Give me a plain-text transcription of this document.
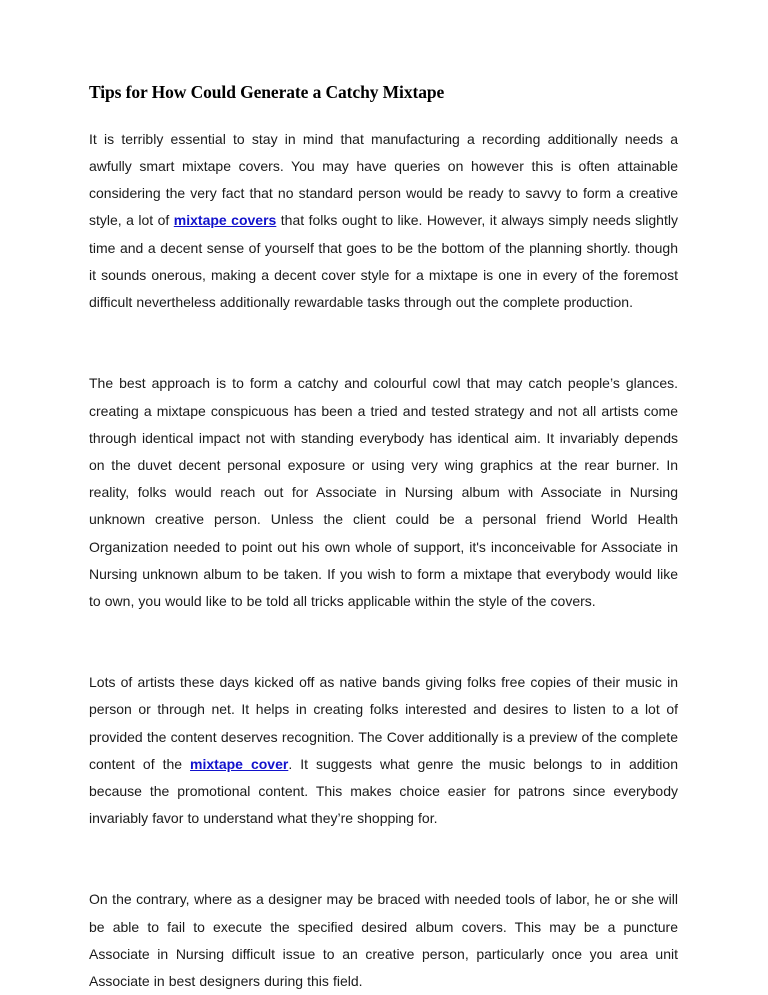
Tips for How Could Generate a Catchy Mixtape

It is terribly essential to stay in mind that manufacturing a recording additionally needs a awfully smart mixtape covers. You may have queries on however this is often attainable considering the very fact that no standard person would be ready to savvy to form a creative style, a lot of mixtape covers that folks ought to like. However, it always simply needs slightly time and a decent sense of yourself that goes to be the bottom of the planning shortly. though it sounds onerous, making a decent cover style for a mixtape is one in every of the foremost difficult nevertheless additionally rewardable tasks through out the complete production.

The best approach is to form a catchy and colourful cowl that may catch people’s glances. creating a mixtape conspicuous has been a tried and tested strategy and not all artists come through identical impact not with standing everybody has identical aim. It invariably depends on the duvet decent personal exposure or using very wing graphics at the rear burner. In reality, folks would reach out for Associate in Nursing album with Associate in Nursing unknown creative person. Unless the client could be a personal friend World Health Organization needed to point out his own whole of support, it's inconceivable for Associate in Nursing unknown album to be taken. If you wish to form a mixtape that everybody would like to own, you would like to be told all tricks applicable within the style of the covers.

Lots of artists these days kicked off as native bands giving folks free copies of their music in person or through net. It helps in creating folks interested and desires to listen to a lot of provided the content deserves recognition. The Cover additionally is a preview of the complete content of the mixtape cover. It suggests what genre the music belongs to in addition because the promotional content. This makes choice easier for patrons since everybody invariably favor to understand what they’re shopping for.

On the contrary, where as a designer may be braced with needed tools of labor, he or she will be able to fail to execute the specified desired album covers. This may be a puncture Associate in Nursing difficult issue to an creative person, particularly once you area unit Associate in best designers during this field.
